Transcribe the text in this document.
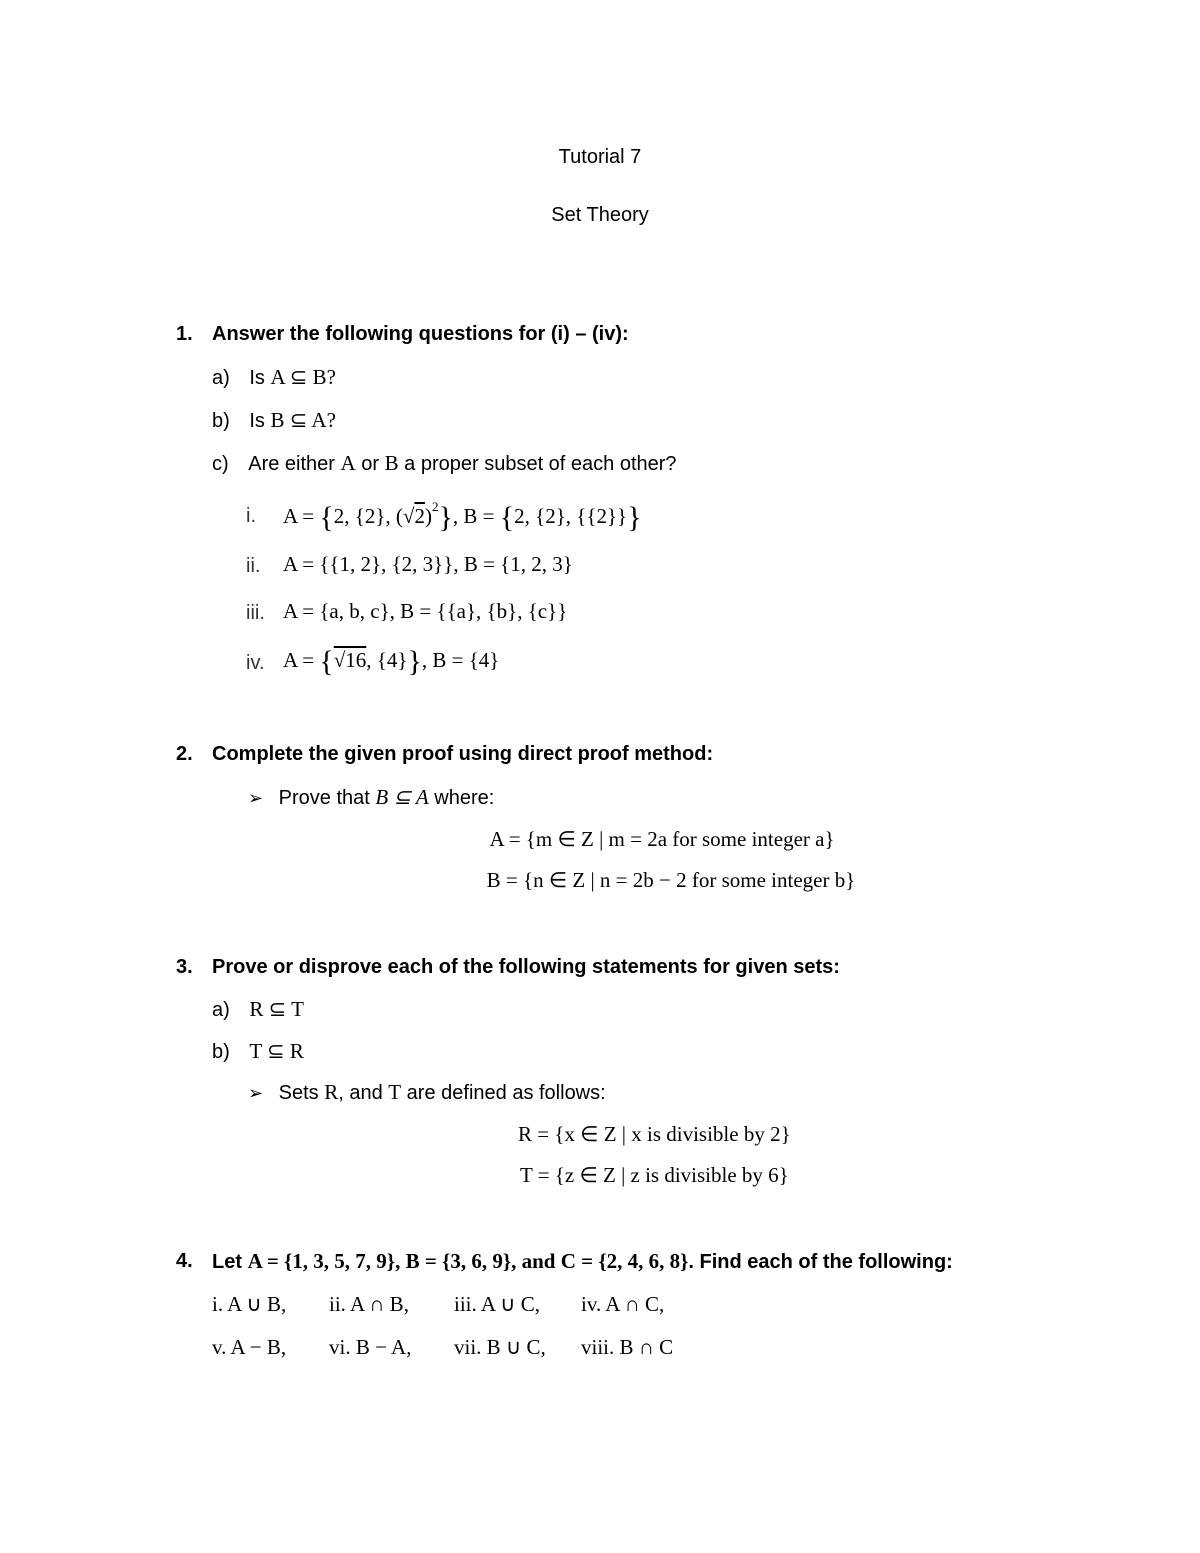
Tutorial 7
Set Theory
1. Answer the following questions for (i) – (iv):
a) Is A ⊆ B?
b) Is B ⊆ A?
c) Are either A or B a proper subset of each other?
i. A = {2, {2}, $(√2)^2$}, B = {2, {2}, {{2}}}
ii. A = {{1, 2}, {2, 3}}, B = {1, 2, 3}
iii. A = {a, b, c}, B = {{a}, {b}, {c}}
iv. A = {√16, {4}}, B = {4}
2. Complete the given proof using direct proof method:
➢ Prove that B ⊆ A where:
A = {m ∈ Z | m = 2a for some integer a}
B = {n ∈ Z | n = 2b − 2 for some integer b}
3. Prove or disprove each of the following statements for given sets:
a) R ⊆ T
b) T ⊆ R
➢ Sets R, and T are defined as follows:
R = {x ∈ Z | x is divisible by 2}
T = {z ∈ Z | z is divisible by 6}
4. Let A = {1, 3, 5, 7, 9}, B = {3, 6, 9}, and C = {2, 4, 6, 8}. Find each of the following:
i. A ∪ B, ii. A ∩ B, iii. A ∪ C, iv. A ∩ C,
v. A − B, vi. B − A, vii. B ∪ C, viii. B ∩ C
